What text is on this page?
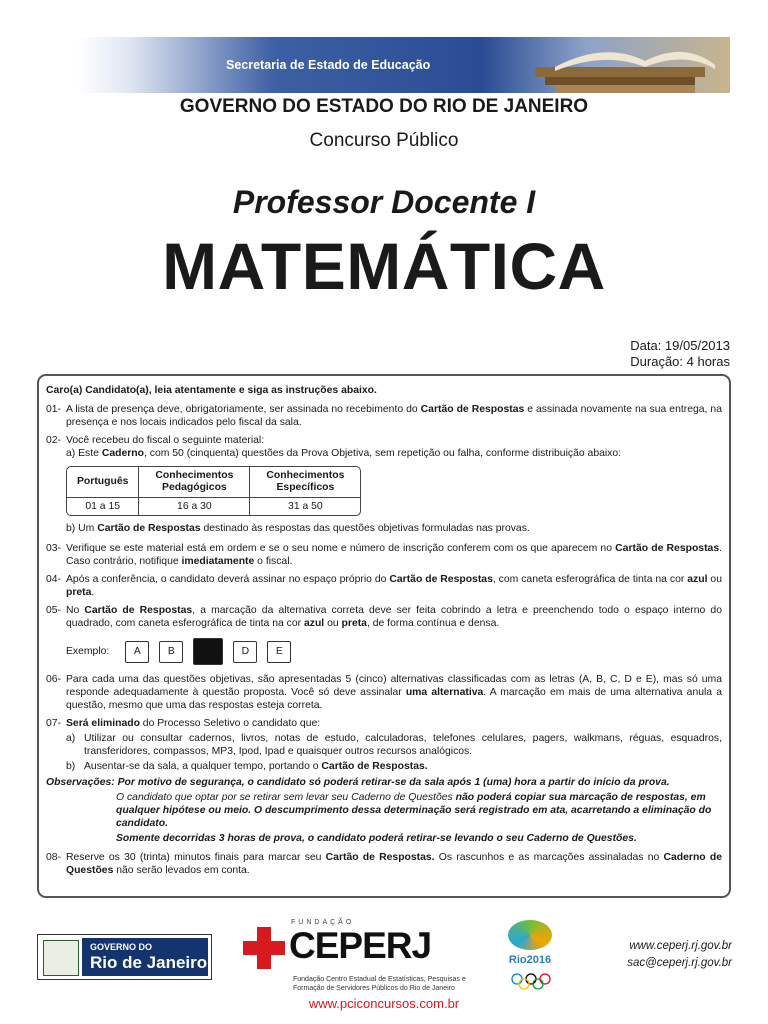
Secretaria de Estado de Educação
GOVERNO DO ESTADO DO RIO DE JANEIRO
Concurso Público
Professor Docente I
MATEMÁTICA
Data: 19/05/2013
Duração: 4 horas
Caro(a) Candidato(a), leia atentamente e siga as instruções abaixo.
01- A lista de presença deve, obrigatoriamente, ser assinada no recebimento do Cartão de Respostas e assinada novamente na sua entrega, na presença e nos locais indicados pelo fiscal da sala.
02- Você recebeu do fiscal o seguinte material:
a) Este Caderno, com 50 (cinquenta) questões da Prova Objetiva, sem repetição ou falha, conforme distribuição abaixo:
Português	Conhecimentos Pedagógicos	Conhecimentos Específicos
01 a 15	16 a 30	31 a 50
b) Um Cartão de Respostas destinado às respostas das questões objetivas formuladas nas provas.
03- Verifique se este material está em ordem e se o seu nome e número de inscrição conferem com os que aparecem no Cartão de Respostas. Caso contrário, notifique imediatamente o fiscal.
04- Após a conferência, o candidato deverá assinar no espaço próprio do Cartão de Respostas, com caneta esferográfica de tinta na cor azul ou preta.
05- No Cartão de Respostas, a marcação da alternativa correta deve ser feita cobrindo a letra e preenchendo todo o espaço interno do quadrado, com caneta esferográfica de tinta na cor azul ou preta, de forma contínua e densa.
Exemplo:	A	B	D	E
06- Para cada uma das questões objetivas, são apresentadas 5 (cinco) alternativas classificadas com as letras (A, B, C, D e E), mas só uma responde adequadamente à questão proposta. Você só deve assinalar uma alternativa. A marcação em mais de uma alternativa anula a questão, mesmo que uma das respostas esteja correta.
07- Será eliminado do Processo Seletivo o candidato que:
a) Utilizar ou consultar cadernos, livros, notas de estudo, calculadoras, telefones celulares, pagers, walkmans, réguas, esquadros, transferidores, compassos, MP3, Ipod, Ipad e quaisquer outros recursos analógicos.
b) Ausentar-se da sala, a qualquer tempo, portando o Cartão de Respostas.
Observações: Por motivo de segurança, o candidato só poderá retirar-se da sala após 1 (uma) hora a partir do início da prova.
O candidato que optar por se retirar sem levar seu Caderno de Questões não poderá copiar sua marcação de respostas, em qualquer hipótese ou meio. O descumprimento dessa determinação será registrado em ata, acarretando a eliminação do candidato.
Somente decorridas 3 horas de prova, o candidato poderá retirar-se levando o seu Caderno de Questões.
08- Reserve os 30 (trinta) minutos finais para marcar seu Cartão de Respostas. Os rascunhos e as marcações assinaladas no Caderno de Questões não serão levados em conta.
GOVERNO DO
Rio de Janeiro
FUNDAÇÃO
CEPERJ
Fundação Centro Estadual de Estatísticas, Pesquisas e Formação de Servidores Públicos do Rio de Janeiro
Rio2016
www.ceperj.rj.gov.br
sac@ceperj.rj.gov.br
www.pciconcursos.com.br
